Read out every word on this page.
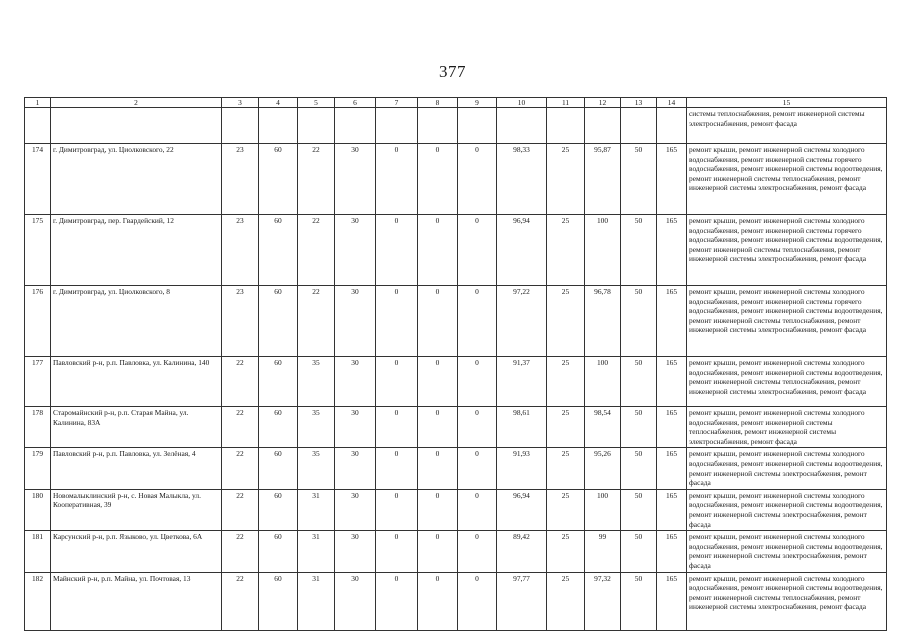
377
1	2	3	4	5	6	7	8	9	10	11	12	13	14	15
														системы теплоснабжения, ремонт инженерной системы электроснабжения, ремонт фасада
174	г. Димитровград, ул. Циолковского, 22	23	60	22	30	0	0	0	98,33	25	95,87	50	165	ремонт крыши, ремонт инженерной системы холодного водоснабжения, ремонт инженерной системы горячего водоснабжения, ремонт инженерной системы водоотведения, ремонт инженерной системы теплоснабжения, ремонт инженерной системы электроснабжения, ремонт фасада
175	г. Димитровград, пер. Гвардейский, 12	23	60	22	30	0	0	0	96,94	25	100	50	165	ремонт крыши, ремонт инженерной системы холодного водоснабжения, ремонт инженерной системы горячего водоснабжения, ремонт инженерной системы водоотведения, ремонт инженерной системы теплоснабжения, ремонт инженерной системы электроснабжения, ремонт фасада
176	г. Димитровград, ул. Циолковского, 8	23	60	22	30	0	0	0	97,22	25	96,78	50	165	ремонт крыши, ремонт инженерной системы холодного водоснабжения, ремонт инженерной системы горячего водоснабжения, ремонт инженерной системы водоотведения, ремонт инженерной системы теплоснабжения, ремонт инженерной системы электроснабжения, ремонт фасада
177	Павловский р-н, р.п. Павловка, ул. Калинина, 140	22	60	35	30	0	0	0	91,37	25	100	50	165	ремонт крыши, ремонт инженерной системы холодного водоснабжения, ремонт инженерной системы водоотведения, ремонт инженерной системы теплоснабжения, ремонт инженерной системы электроснабжения, ремонт фасада
178	Старомайнский р-н, р.п. Старая Майна, ул. Калинина, 83А	22	60	35	30	0	0	0	98,61	25	98,54	50	165	ремонт крыши, ремонт инженерной системы холодного водоснабжения, ремонт инженерной системы теплоснабжения, ремонт инженерной системы электроснабжения, ремонт фасада
179	Павловский р-н, р.п. Павловка, ул. Зелёная, 4	22	60	35	30	0	0	0	91,93	25	95,26	50	165	ремонт крыши, ремонт инженерной системы холодного водоснабжения, ремонт инженерной системы водоотведения, ремонт инженерной системы электроснабжения, ремонт фасада
180	Новомалыклинский р-н, с. Новая Малыкла, ул. Кооперативная, 39	22	60	31	30	0	0	0	96,94	25	100	50	165	ремонт крыши, ремонт инженерной системы холодного водоснабжения, ремонт инженерной системы водоотведения, ремонт инженерной системы электроснабжения, ремонт фасада
181	Карсунский р-н, р.п. Языково, ул. Цветкова, 6А	22	60	31	30	0	0	0	89,42	25	99	50	165	ремонт крыши, ремонт инженерной системы холодного водоснабжения, ремонт инженерной системы водоотведения, ремонт инженерной системы электроснабжения, ремонт фасада
182	Майнский р-н, р.п. Майна, ул. Почтовая, 13	22	60	31	30	0	0	0	97,77	25	97,32	50	165	ремонт крыши, ремонт инженерной системы холодного водоснабжения, ремонт инженерной системы водоотведения, ремонт инженерной системы теплоснабжения, ремонт инженерной системы электроснабжения, ремонт фасада
